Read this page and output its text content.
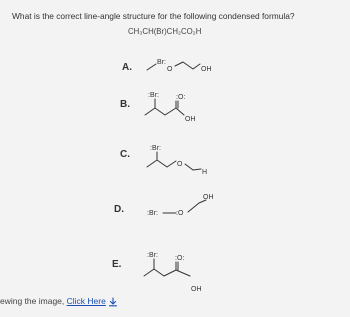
What is the correct line-angle structure for the following condensed formula?
CH₃CH(Br)CH₂CO₂H
A.
B.
C.
D.
E.
Br:
O	OH
:Br: :O:
OH
:Br:
O
H
:Br:	:O
OH
:Br: :O:
OH
ewing the image, Click Here
